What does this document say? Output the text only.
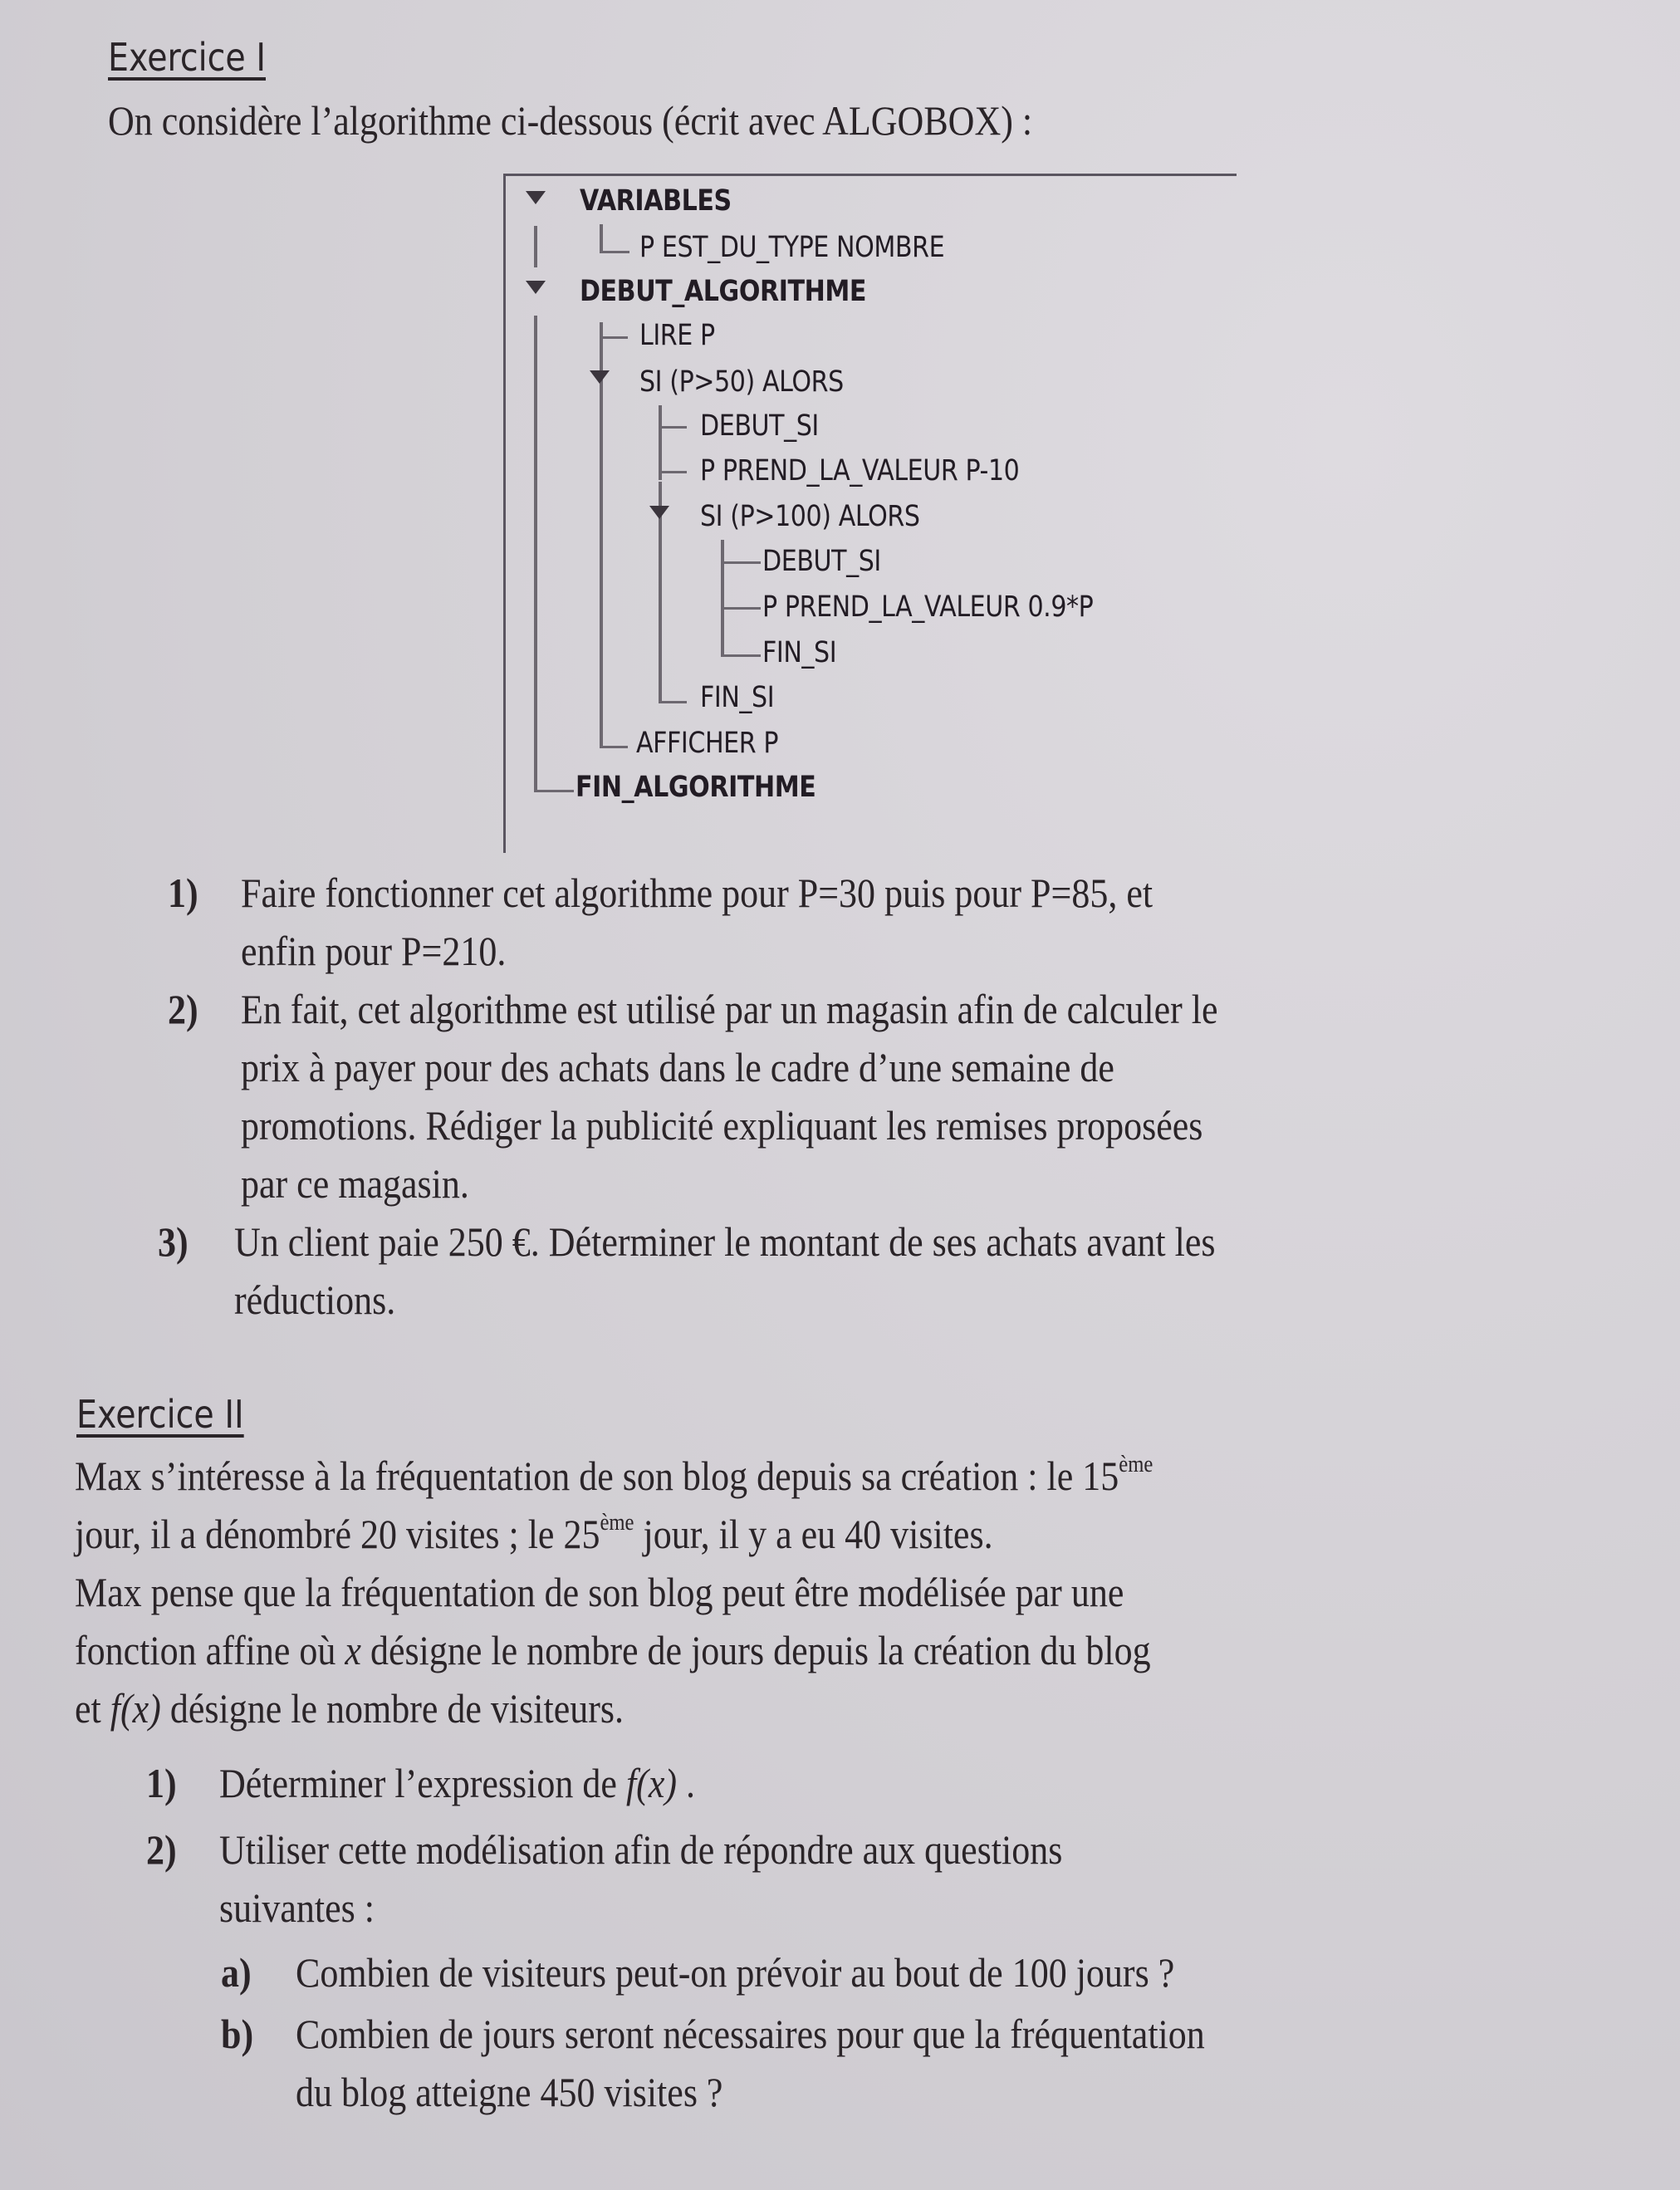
Exercice I
On considère l’algorithme ci-dessous (écrit avec ALGOBOX) :
VARIABLES
P EST_DU_TYPE NOMBRE
DEBUT_ALGORITHME
LIRE P
SI (P>50) ALORS
DEBUT_SI
P PREND_LA_VALEUR P-10
SI (P>100) ALORS
DEBUT_SI
P PREND_LA_VALEUR 0.9*P
FIN_SI
FIN_SI
AFFICHER P
FIN_ALGORITHME
1) Faire fonctionner cet algorithme pour P=30 puis pour P=85, et
enfin pour P=210.
2) En fait, cet algorithme est utilisé par un magasin afin de calculer le
prix à payer pour des achats dans le cadre d’une semaine de
promotions. Rédiger la publicité expliquant les remises proposées
par ce magasin.
3) Un client paie 250 €. Déterminer le montant de ses achats avant les
réductions.
Exercice II
Max s’intéresse à la fréquentation de son blog depuis sa création : le 15ème
jour, il a dénombré 20 visites ; le 25ème jour, il y a eu 40 visites.
Max pense que la fréquentation de son blog peut être modélisée par une
fonction affine où x désigne le nombre de jours depuis la création du blog
et f(x) désigne le nombre de visiteurs.
1) Déterminer l’expression de f(x) .
2) Utiliser cette modélisation afin de répondre aux questions
suivantes :
a) Combien de visiteurs peut-on prévoir au bout de 100 jours ?
b) Combien de jours seront nécessaires pour que la fréquentation
du blog atteigne 450 visites ?
